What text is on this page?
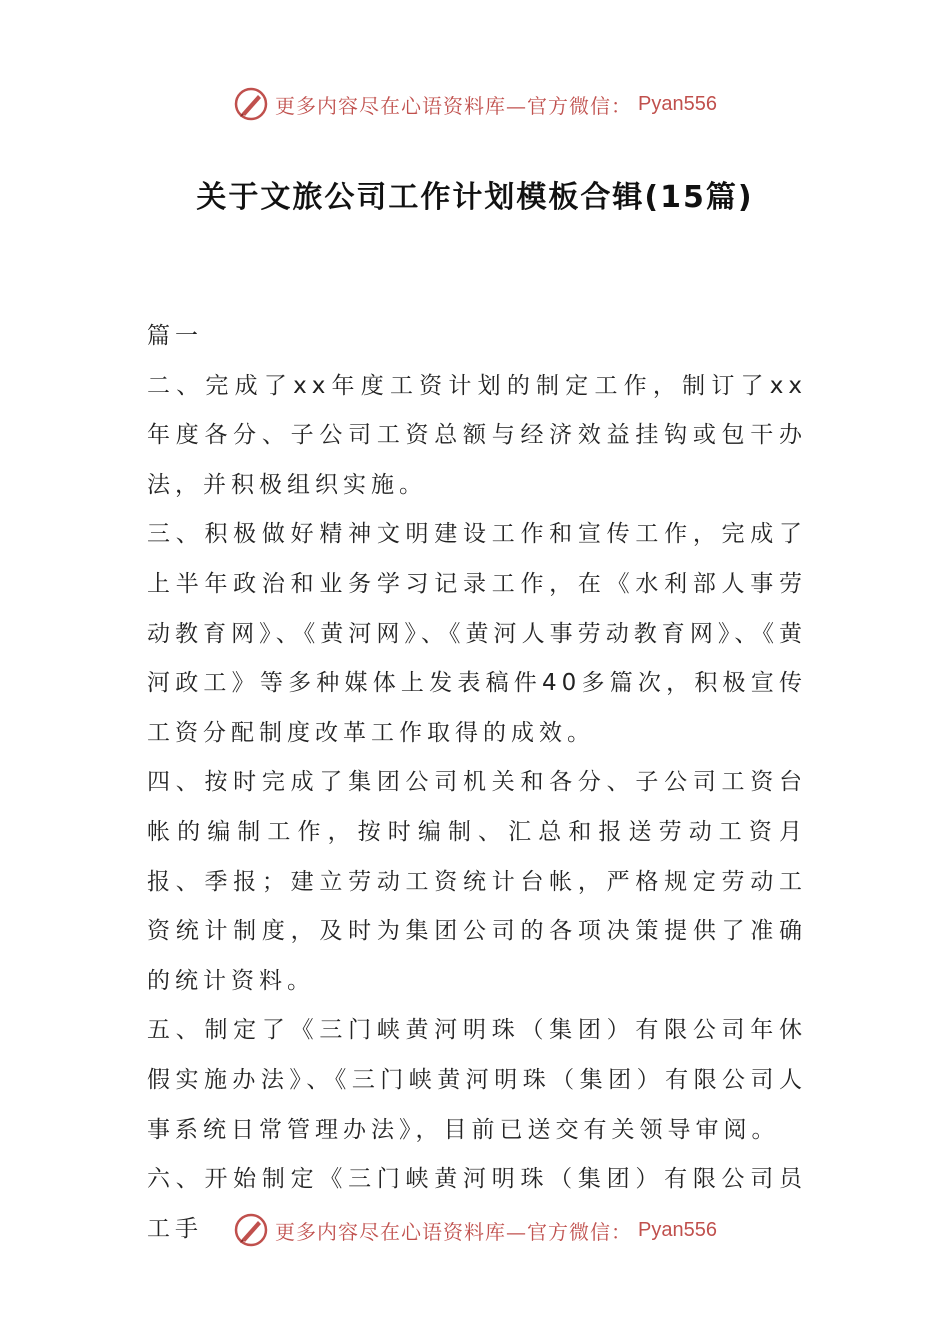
更多内容尽在心语资料库—官方微信： Pyan556
关于文旅公司工作计划模板合辑(15篇)

篇一

二、完成了xx年度工资计划的制定工作，制订了xx年度各分、子公司工资总额与经济效益挂钩或包干办法，并积极组织实施。

三、积极做好精神文明建设工作和宣传工作，完成了上半年政治和业务学习记录工作，在《水利部人事劳动教育网》、《黄河网》、《黄河人事劳动教育网》、《黄河政工》等多种媒体上发表稿件40多篇次，积极宣传工资分配制度改革工作取得的成效。

四、按时完成了集团公司机关和各分、子公司工资台帐的编制工作，按时编制、汇总和报送劳动工资月报、季报；建立劳动工资统计台帐，严格规定劳动工资统计制度，及时为集团公司的各项决策提供了准确的统计资料。

五、制定了《三门峡黄河明珠（集团）有限公司年休假实施办法》、《三门峡黄河明珠（集团）有限公司人事系统日常管理办法》，目前已送交有关领导审阅。

六、开始制定《三门峡黄河明珠（集团）有限公司员工手	更多内容尽在心语资料库—官方微信： Pyan556
